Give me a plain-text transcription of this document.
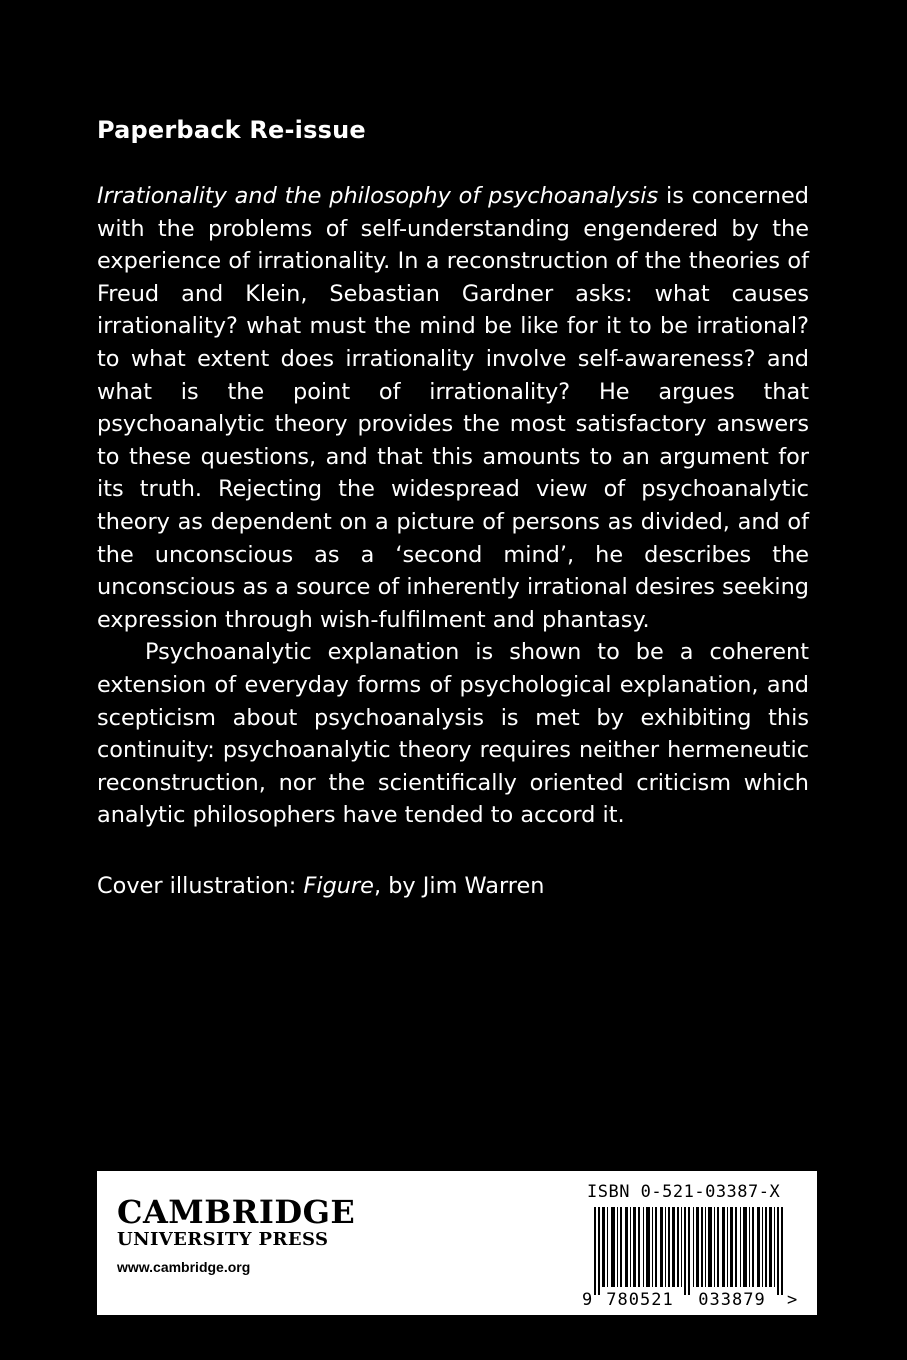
Paperback Re-issue

Irrationality and the philosophy of psychoanalysis is concerned with the problems of self-understanding engendered by the experience of irrationality. In a reconstruction of the theories of Freud and Klein, Sebastian Gardner asks: what causes irrationality? what must the mind be like for it to be irrational? to what extent does irrationality involve self-awareness? and what is the point of irrationality? He argues that psychoanalytic theory provides the most satisfactory answers to these questions, and that this amounts to an argument for its truth. Rejecting the widespread view of psychoanalytic theory as dependent on a picture of persons as divided, and of the unconscious as a ‘second mind’, he describes the unconscious as a source of inherently irrational desires seeking expression through wish-fulfilment and phantasy.

Psychoanalytic explanation is shown to be a coherent extension of everyday forms of psychological explanation, and scepticism about psychoanalysis is met by exhibiting this continuity: psychoanalytic theory requires neither hermeneutic reconstruction, nor the scientifically oriented criticism which analytic philosophers have tended to accord it.

Cover illustration: Figure, by Jim Warren
CAMBRIDGE
UNIVERSITY PRESS
www.cambridge.org
ISBN 0-521-03387-X
9 780521 033879 >
